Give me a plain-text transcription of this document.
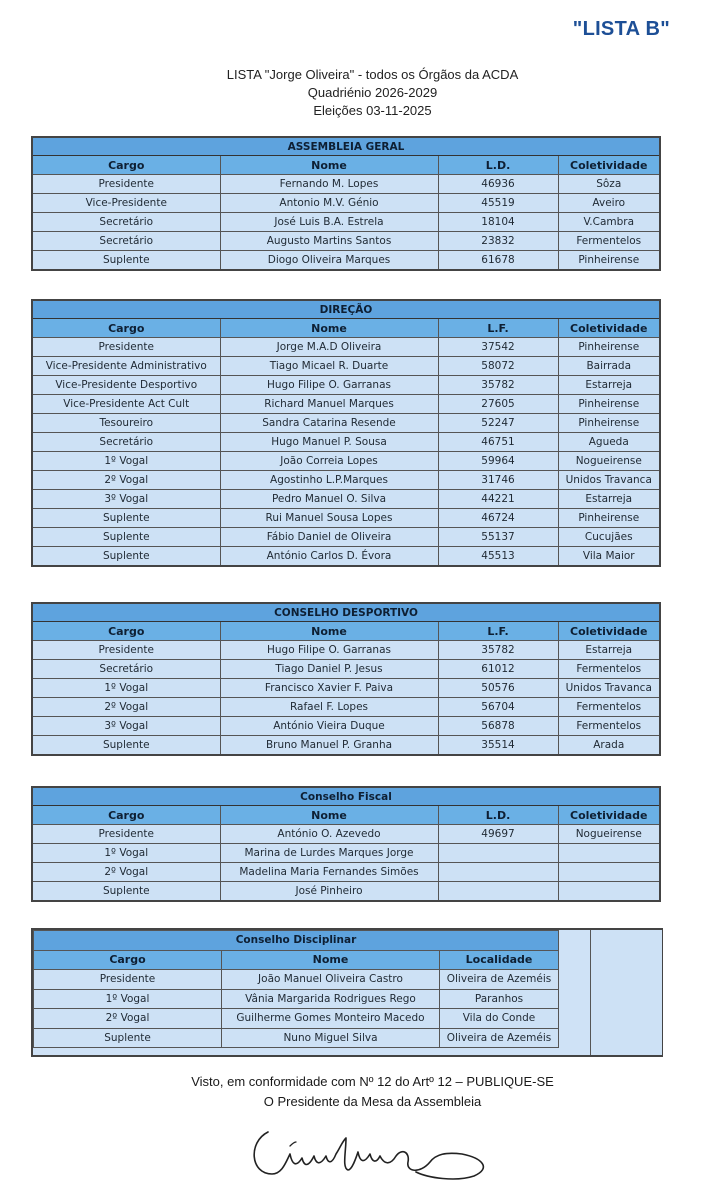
"LISTA B"
LISTA "Jorge Oliveira" - todos os Órgãos da ACDA
Quadriénio 2026-2029
Eleições 03-11-2025
ASSEMBLEIA GERAL			
Cargo	Nome	L.D.	Coletividade
Presidente	Fernando M. Lopes	46936	Sôza
Vice-Presidente	Antonio M.V. Génio	45519	Aveiro
Secretário	José Luis B.A. Estrela	18104	V.Cambra
Secretário	Augusto Martins Santos	23832	Fermentelos
Suplente	Diogo Oliveira Marques	61678	Pinheirense
DIREÇÃO			
Cargo	Nome	L.F.	Coletividade
Presidente	Jorge M.A.D Oliveira	37542	Pinheirense
Vice-Presidente Administrativo	Tiago Micael R. Duarte	58072	Bairrada
Vice-Presidente Desportivo	Hugo Filipe O. Garranas	35782	Estarreja
Vice-Presidente Act Cult	Richard Manuel Marques	27605	Pinheirense
Tesoureiro	Sandra Catarina Resende	52247	Pinheirense
Secretário	Hugo Manuel P. Sousa	46751	Agueda
1º Vogal	João Correia Lopes	59964	Nogueirense
2º Vogal	Agostinho L.P.Marques	31746	Unidos Travanca
3º Vogal	Pedro Manuel O. Silva	44221	Estarreja
Suplente	Rui Manuel Sousa Lopes	46724	Pinheirense
Suplente	Fábio Daniel de Oliveira	55137	Cucujães
Suplente	António Carlos D. Évora	45513	Vila Maior
CONSELHO DESPORTIVO			
Cargo	Nome	L.F.	Coletividade
Presidente	Hugo Filipe O. Garranas	35782	Estarreja
Secretário	Tiago Daniel P. Jesus	61012	Fermentelos
1º Vogal	Francisco Xavier F. Paiva	50576	Unidos Travanca
2º Vogal	Rafael F. Lopes	56704	Fermentelos
3º Vogal	António Vieira Duque	56878	Fermentelos
Suplente	Bruno Manuel P. Granha	35514	Arada
Conselho Fiscal			
Cargo	Nome	L.D.	Coletividade
Presidente	António O. Azevedo	49697	Nogueirense
1º Vogal	Marina de Lurdes Marques Jorge		
2º Vogal	Madelina Maria Fernandes Simões		
Suplente	José Pinheiro		
Conselho Disciplinar		
Cargo	Nome	Localidade
Presidente	João Manuel Oliveira Castro	Oliveira de Azeméis
1º Vogal	Vânia Margarida Rodrigues Rego	Paranhos
2º Vogal	Guilherme Gomes Monteiro Macedo	Vila do Conde
Suplente	Nuno Miguel Silva	Oliveira de Azeméis
Visto, em conformidade com Nº 12 do Artº 12 – PUBLIQUE-SE
O Presidente da Mesa da Assembleia
